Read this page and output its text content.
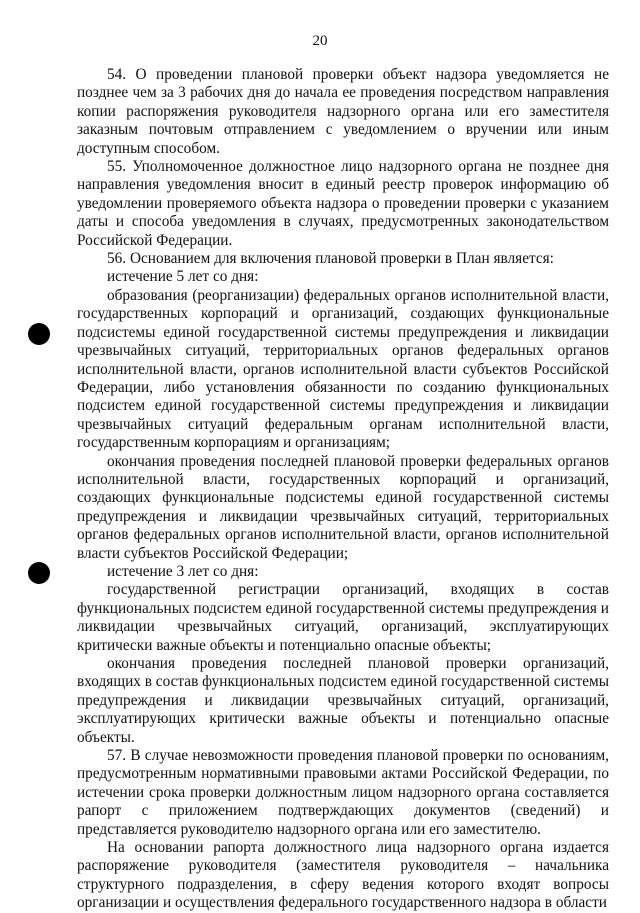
20

54. О проведении плановой проверки объект надзора уведомляется не позднее чем за 3 рабочих дня до начала ее проведения посредством направления копии распоряжения руководителя надзорного органа или его заместителя заказным почтовым отправлением с уведомлением о вручении или иным доступным способом.

55. Уполномоченное должностное лицо надзорного органа не позднее дня направления уведомления вносит в единый реестр проверок информацию об уведомлении проверяемого объекта надзора о проведении проверки с указанием даты и способа уведомления в случаях, предусмотренных законодательством Российской Федерации.

56. Основанием для включения плановой проверки в План является:

истечение 5 лет со дня:

образования (реорганизации) федеральных органов исполнительной власти, государственных корпораций и организаций, создающих функциональные подсистемы единой государственной системы предупреждения и ликвидации чрезвычайных ситуаций, территориальных органов федеральных органов исполнительной власти, органов исполнительной власти субъектов Российской Федерации, либо установления обязанности по созданию функциональных подсистем единой государственной системы предупреждения и ликвидации чрезвычайных ситуаций федеральным органам исполнительной власти, государственным корпорациям и организациям;

окончания проведения последней плановой проверки федеральных органов исполнительной власти, государственных корпораций и организаций, создающих функциональные подсистемы единой государственной системы предупреждения и ликвидации чрезвычайных ситуаций, территориальных органов федеральных органов исполнительной власти, органов исполнительной власти субъектов Российской Федерации;

истечение 3 лет со дня:

государственной регистрации организаций, входящих в состав функциональных подсистем единой государственной системы предупреждения и ликвидации чрезвычайных ситуаций, организаций, эксплуатирующих критически важные объекты и потенциально опасные объекты;

окончания проведения последней плановой проверки организаций, входящих в состав функциональных подсистем единой государственной системы предупреждения и ликвидации чрезвычайных ситуаций, организаций, эксплуатирующих критически важные объекты и потенциально опасные объекты.

57. В случае невозможности проведения плановой проверки по основаниям, предусмотренным нормативными правовыми актами Российской Федерации, по истечении срока проверки должностным лицом надзорного органа составляется рапорт с приложением подтверждающих документов (сведений) и представляется руководителю надзорного органа или его заместителю.

На основании рапорта должностного лица надзорного органа издается распоряжение руководителя (заместителя руководителя – начальника структурного подразделения, в сферу ведения которого входят вопросы организации и осуществления федерального государственного надзора в области
